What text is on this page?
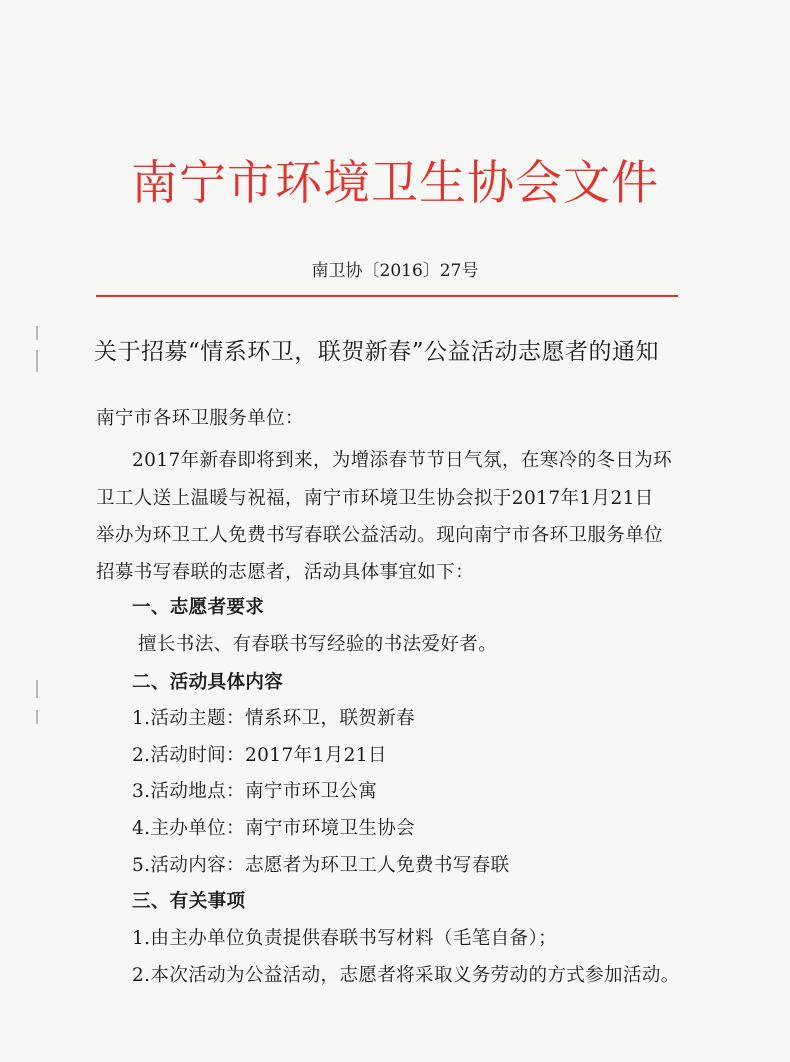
南宁市环境卫生协会文件
南卫协〔2016〕27号
关于招募“情系环卫，联贺新春”公益活动志愿者的通知
南宁市各环卫服务单位：
2017年新春即将到来，为增添春节节日气氛，在寒冷的冬日为环
卫工人送上温暖与祝福，南宁市环境卫生协会拟于2017年1月21日
举办为环卫工人免费书写春联公益活动。现向南宁市各环卫服务单位
招募书写春联的志愿者，活动具体事宜如下：
一、志愿者要求
擅长书法、有春联书写经验的书法爱好者。
二、活动具体内容
1.活动主题：情系环卫，联贺新春
2.活动时间：2017年1月21日
3.活动地点：南宁市环卫公寓
4.主办单位：南宁市环境卫生协会
5.活动内容：志愿者为环卫工人免费书写春联
三、有关事项
1.由主办单位负责提供春联书写材料（毛笔自备）；
2.本次活动为公益活动，志愿者将采取义务劳动的方式参加活动。
